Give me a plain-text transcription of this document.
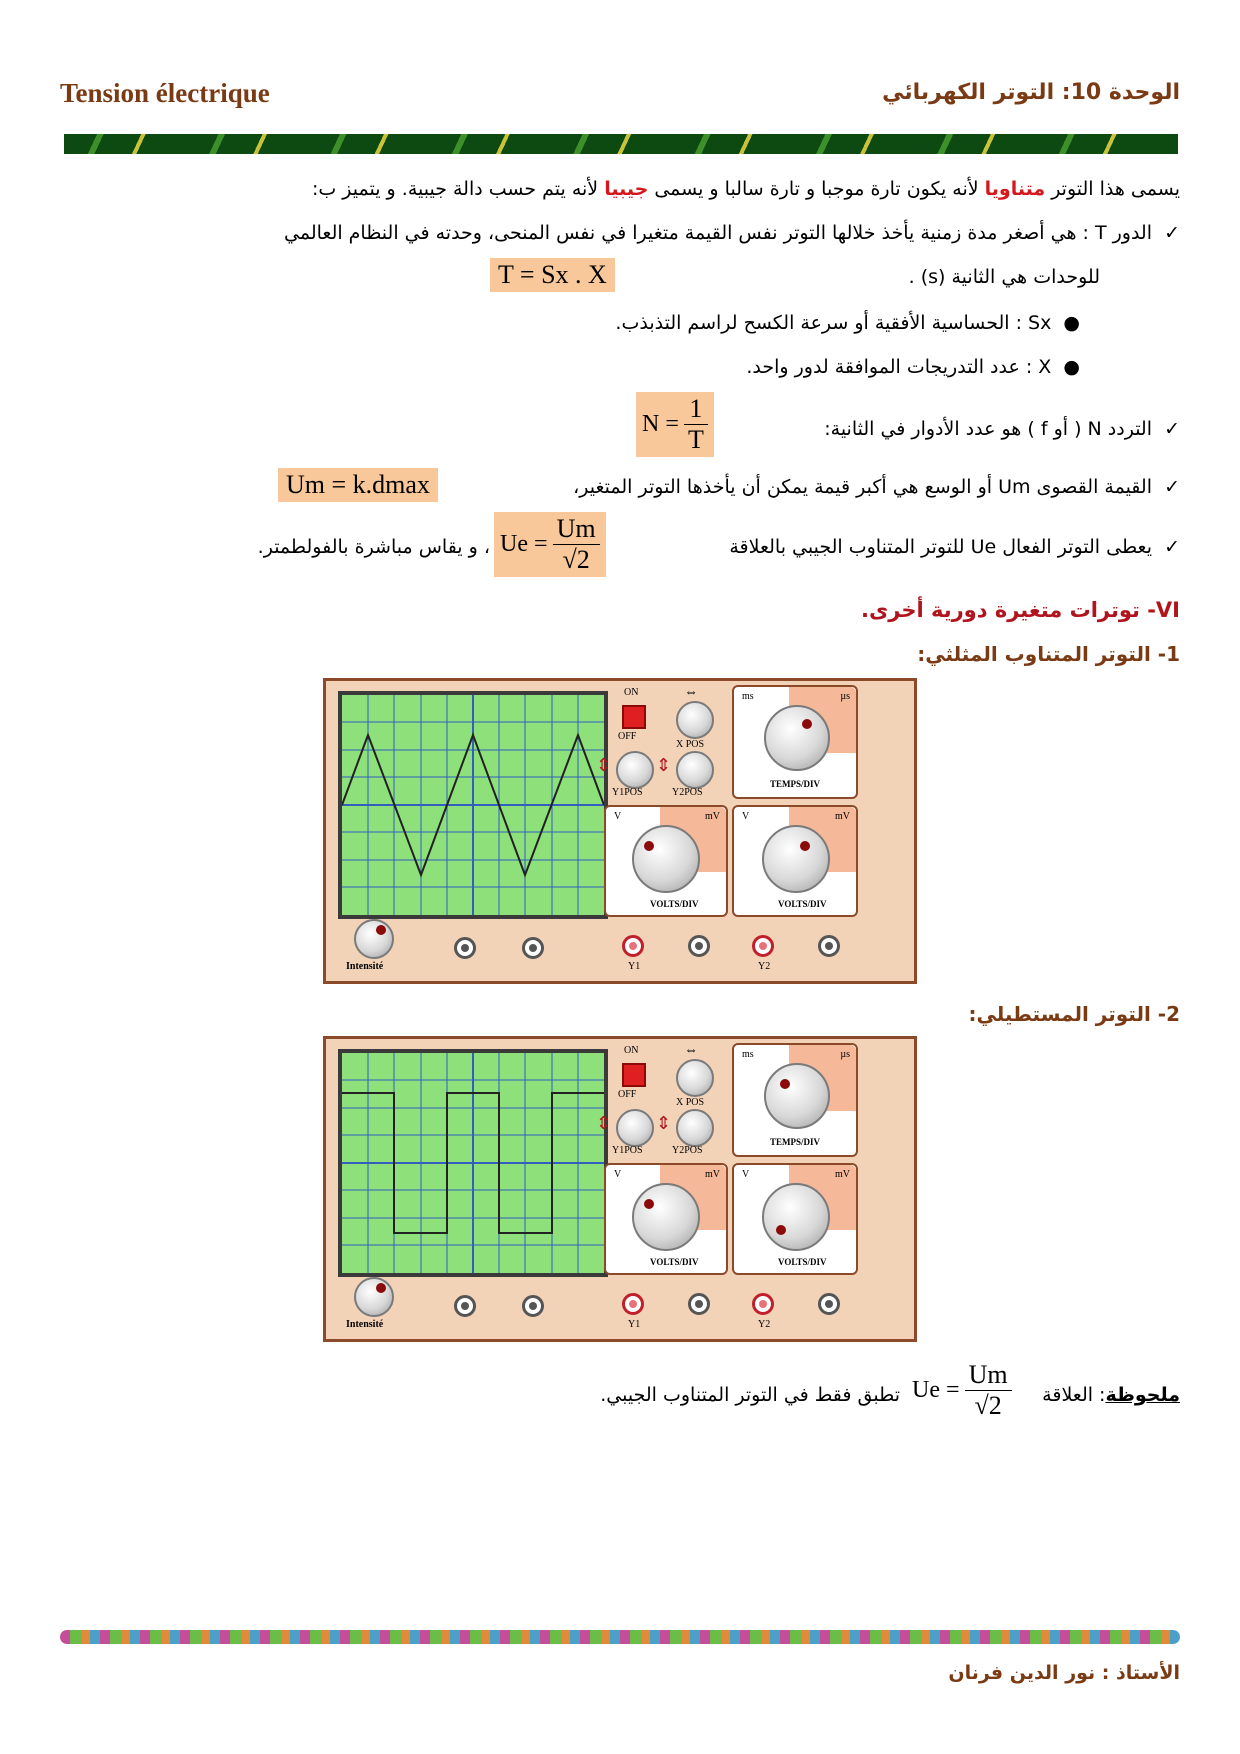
Tension électrique	الوحدة 10: التوتر الكهربائي
يسمى هذا التوتر متناويا لأنه يكون تارة موجبا و تارة سالبا و يسمى جيبيا لأنه يتم حسب دالة جيبية. و يتميز ب:
✓  الدور T : هي أصغر مدة زمنية يأخذ خلالها التوتر نفس القيمة متغيرا في نفس المنحى، وحدته في النظام العالمي
للوحدات هي الثانية (s) .
T = Sx . X
●  Sx : الحساسية الأفقية أو سرعة الكسح لراسم التذبذب.
●  X : عدد التدريجات الموافقة لدور واحد.
✓  التردد N ( أو f ) هو عدد الأدوار في الثانية:
$N = \frac{1}{T}$
✓  القيمة القصوى Um أو الوسع هي أكبر قيمة يمكن أن يأخذها التوتر المتغير،
Um = k.dmax
✓  يعطى التوتر الفعال Ue للتوتر المتناوب الجيبي بالعلاقة
$Ue = \frac{Um}{√2}$
، و يقاس مباشرة بالفولطمتر.
VI- توترات متغيرة دورية أخرى.
1- التوتر المتناوب المثلثي:
Intensité
ON
OFF
⇔
X POS
⇕
Y1POS
⇕
Y2POS
ms	µs
TEMPS/DIV
V	mV
VOLTS/DIV
V	mV
VOLTS/DIV
Y1	Y2
2- التوتر المستطيلي:
Intensité
ON
OFF
⇔
X POS
⇕
Y1POS
⇕
Y2POS
ms	µs
TEMPS/DIV
V	mV
VOLTS/DIV
V	mV
VOLTS/DIV
Y1	Y2
ملحوظة: العلاقة
$Ue = \frac{Um}{√2}$
تطبق فقط في التوتر المتناوب الجيبي.
الأستاذ : نور الدين فرنان
